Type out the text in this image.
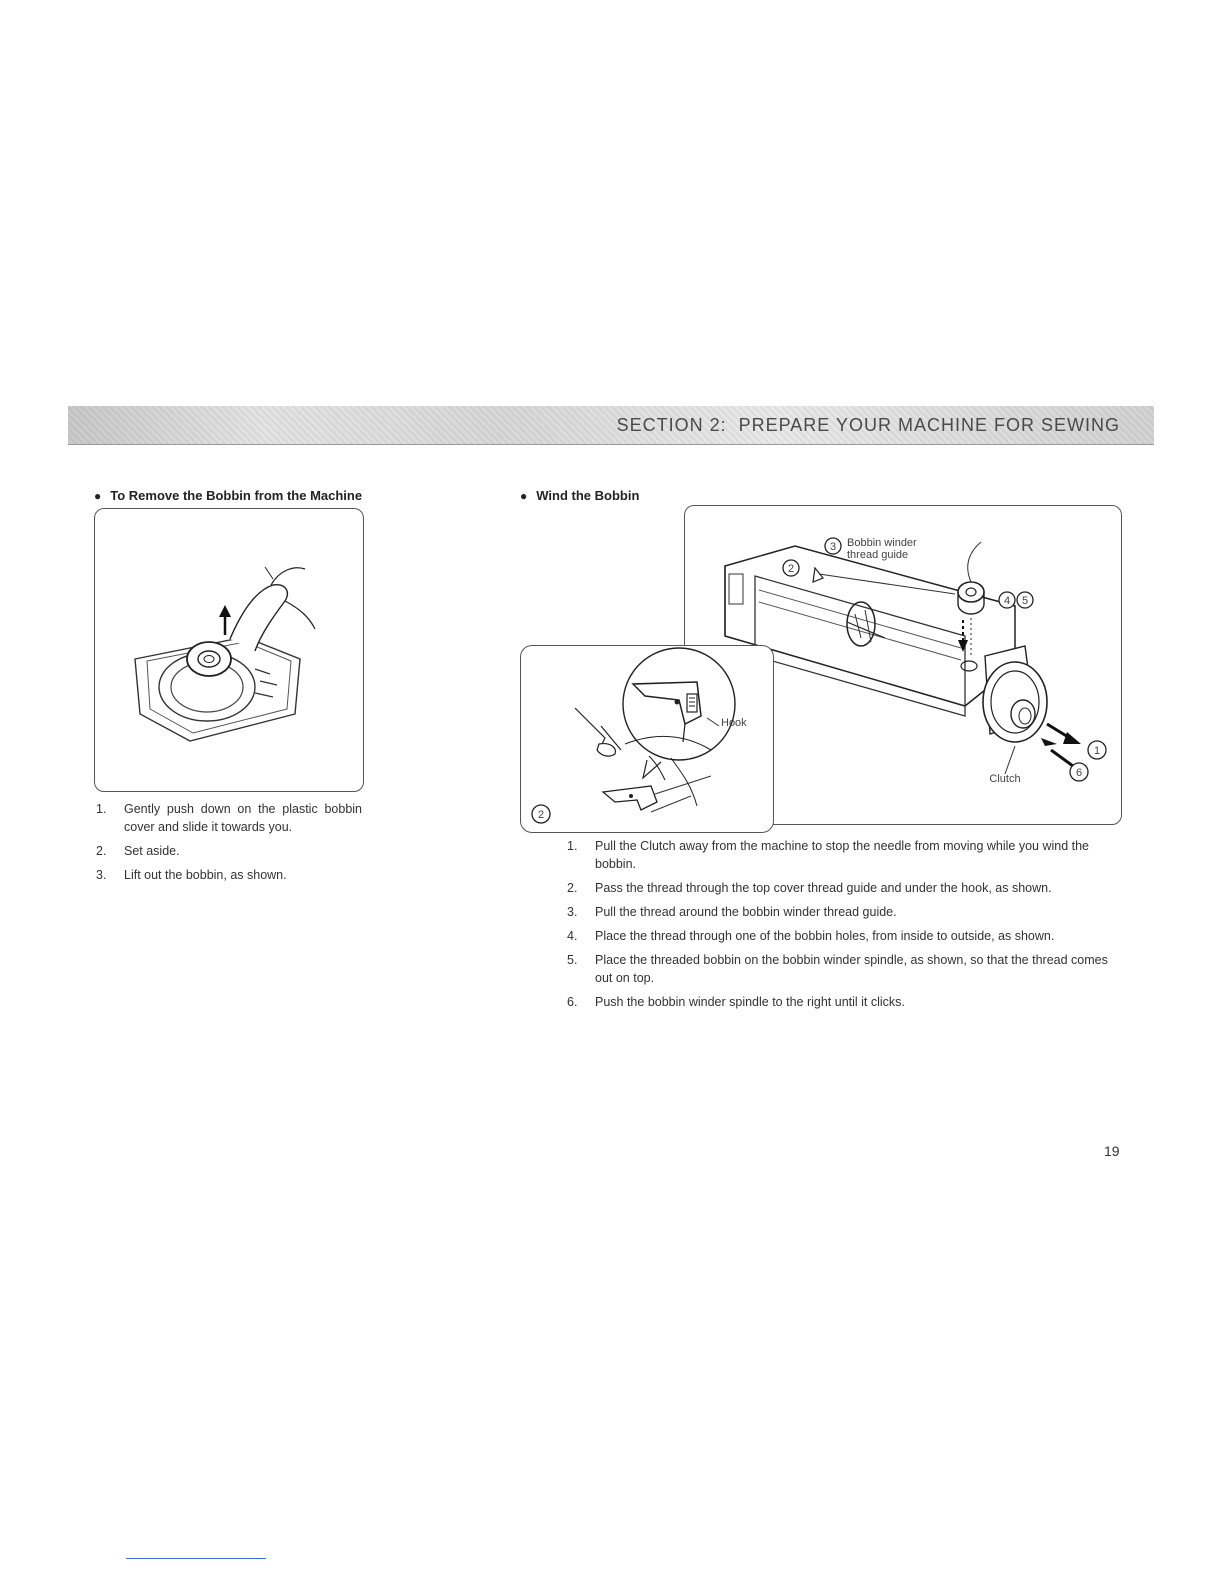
SECTION 2:  PREPARE YOUR MACHINE FOR SEWING
● To Remove the Bobbin from the Machine
1. Gently push down on the plastic bobbin cover and slide it towards you.
2. Set aside.
3. Lift out the bobbin, as shown.
● Wind the Bobbin
3 Bobbin winder
thread guide
2
4 5
1
6
Clutch
Hook
2
1. Pull the Clutch away from the machine to stop the needle from moving while you wind the bobbin.
2. Pass the thread through the top cover thread guide and under the hook, as shown.
3. Pull the thread around the bobbin winder thread guide.
4. Place the thread through one of the bobbin holes, from inside to outside, as shown.
5. Place the threaded bobbin on the bobbin winder spindle, as shown, so that the thread comes out on top.
6. Push the bobbin winder spindle to the right until it clicks.
19
